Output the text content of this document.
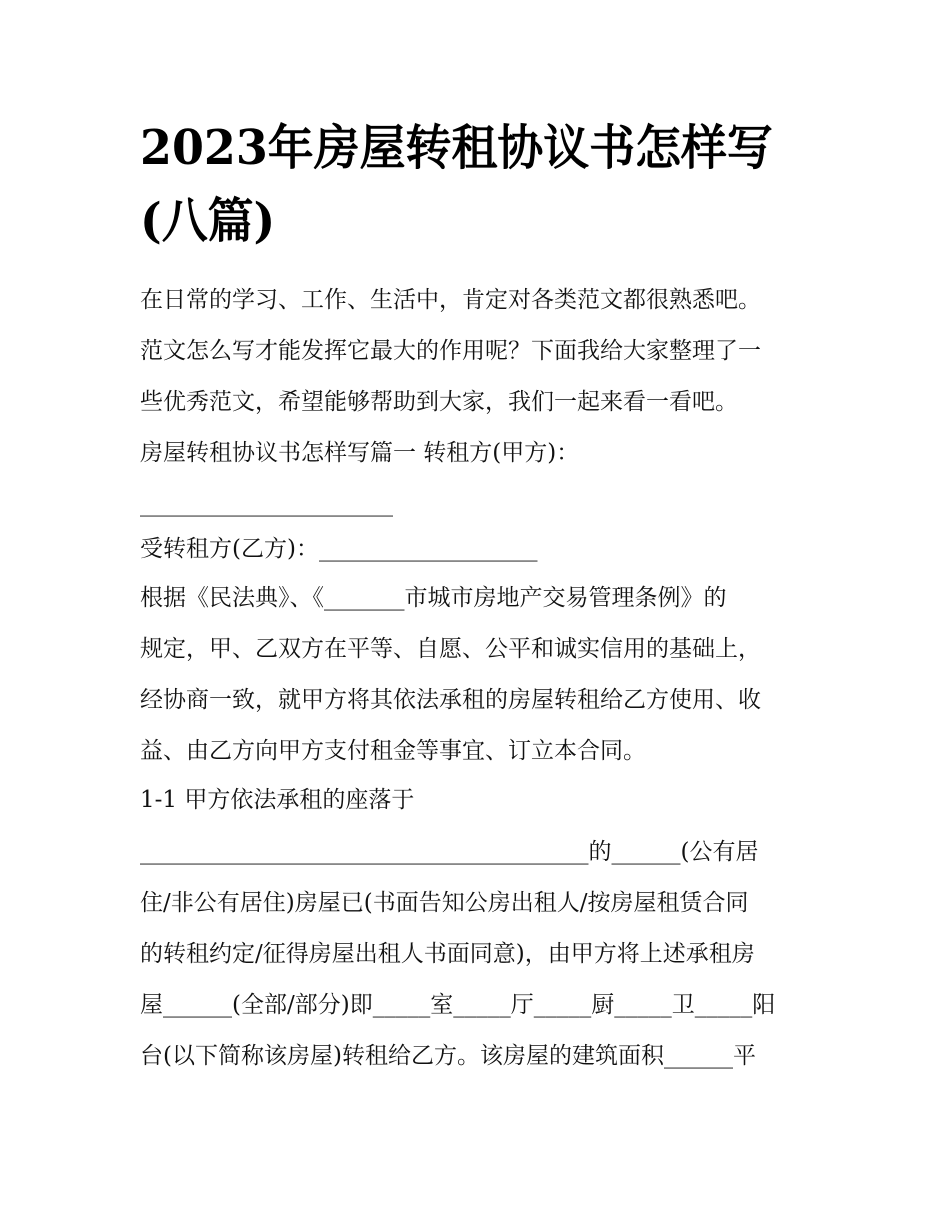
2023年房屋转租协议书怎样写
(八篇)

在日常的学习、工作、生活中，肯定对各类范文都很熟悉吧。

范文怎么写才能发挥它最大的作用呢？下面我给大家整理了一

些优秀范文，希望能够帮助到大家，我们一起来看一看吧。

房屋转租协议书怎样写篇一 转租方(甲方)：

______________________

受转租方(乙方)：___________________

根据《民法典》、《_______市城市房地产交易管理条例》的

规定，甲、乙双方在平等、自愿、公平和诚实信用的基础上，

经协商一致，就甲方将其依法承租的房屋转租给乙方使用、收

益、由乙方向甲方支付租金等事宜、订立本合同。

1-1 甲方依法承租的座落于

_______________________________________的______(公有居

住/非公有居住)房屋已(书面告知公房出租人/按房屋租赁合同

的转租约定/征得房屋出租人书面同意)，由甲方将上述承租房

屋______(全部/部分)即_____室_____厅_____厨_____卫_____阳

台(以下简称该房屋)转租给乙方。该房屋的建筑面积______平
